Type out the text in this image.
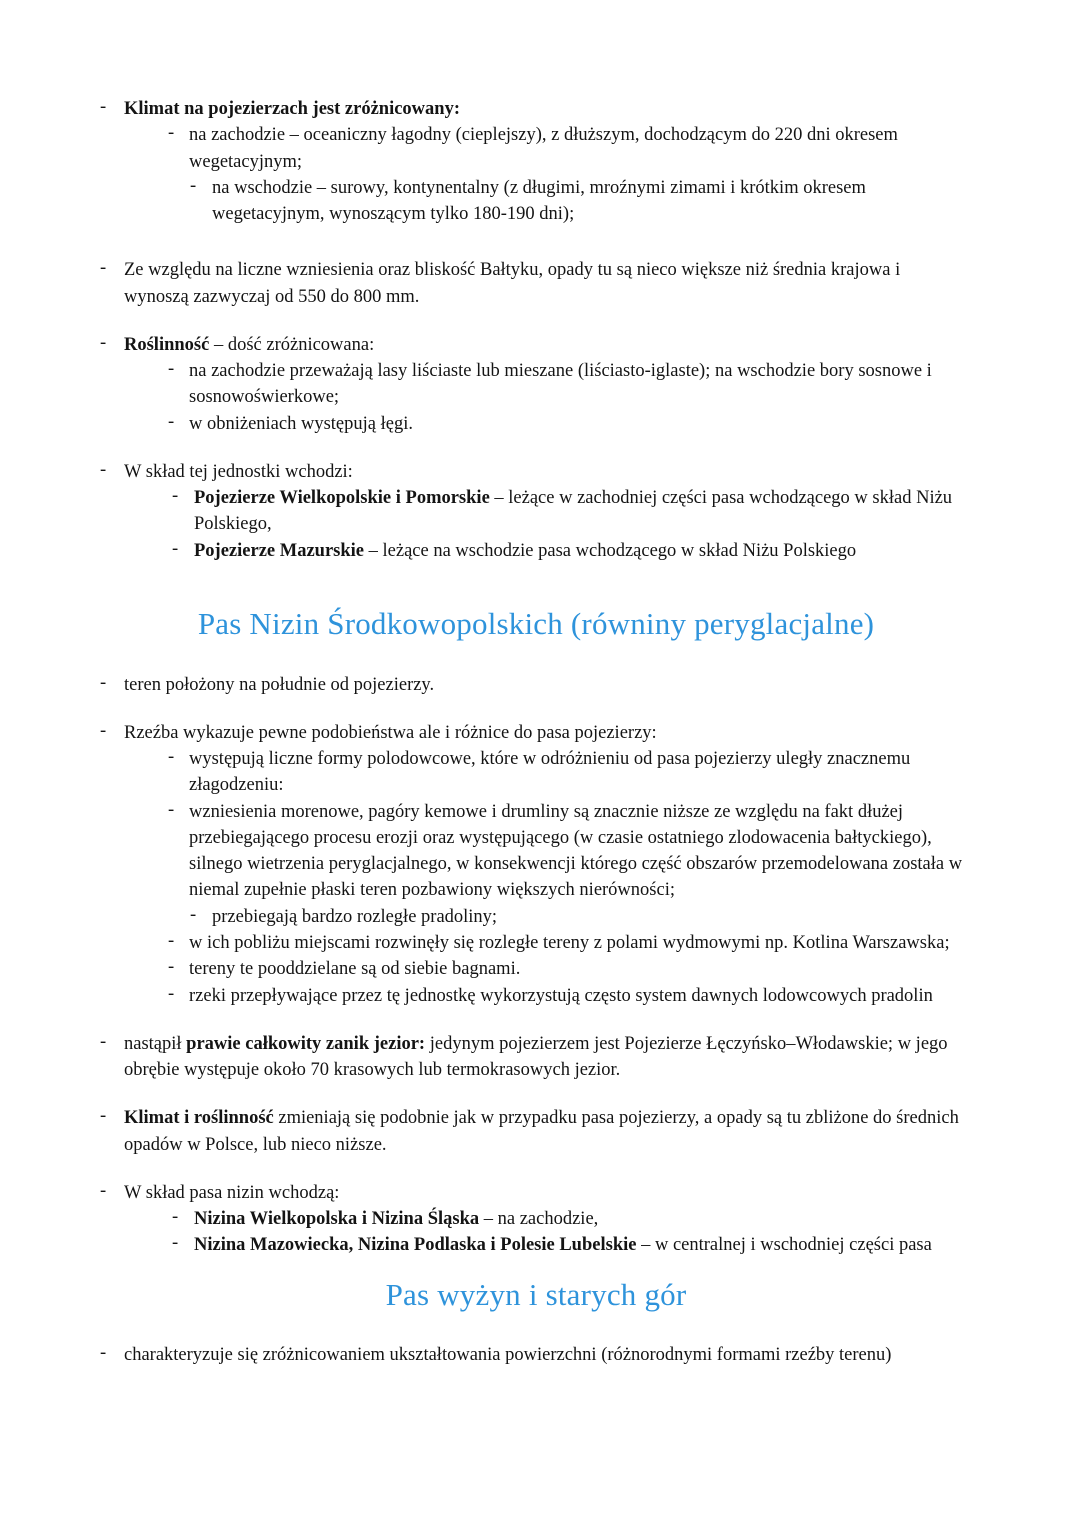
- Klimat na pojezierzach jest zróżnicowany:
- na zachodzie – oceaniczny łagodny (cieplejszy), z dłuższym, dochodzącym do 220 dni okresem wegetacyjnym;
- na wschodzie – surowy, kontynentalny (z długimi, mroźnymi zimami i krótkim okresem wegetacyjnym, wynoszącym tylko 180-190 dni);
- Ze względu na liczne wzniesienia oraz bliskość Bałtyku, opady tu są nieco większe niż średnia krajowa i wynoszą zazwyczaj od 550 do 800 mm.
- Roślinność – dość zróżnicowana:
- na zachodzie przeważają lasy liściaste lub mieszane (liściasto-iglaste); na wschodzie bory sosnowe i sosnowoświerkowe;
- w obniżeniach występują łęgi.
- W skład tej jednostki wchodzi:
- Pojezierze Wielkopolskie i Pomorskie – leżące w zachodniej części pasa wchodzącego w skład Niżu Polskiego,
- Pojezierze Mazurskie – leżące na wschodzie pasa wchodzącego w skład Niżu Polskiego
Pas Nizin Środkowopolskich (równiny peryglacjalne)
- teren położony na południe od pojezierzy.
- Rzeźba wykazuje pewne podobieństwa ale i różnice do pasa pojezierzy:
- występują liczne formy polodowcowe, które w odróżnieniu od pasa pojezierzy uległy znacznemu złagodzeniu:
- wzniesienia morenowe, pagóry kemowe i drumliny są znacznie niższe ze względu na fakt dłużej przebiegającego procesu erozji oraz występującego (w czasie ostatniego zlodowacenia bałtyckiego), silnego wietrzenia peryglacjalnego, w konsekwencji którego część obszarów przemodelowana została w niemal zupełnie płaski teren pozbawiony większych nierówności;
- przebiegają bardzo rozległe pradoliny;
- w ich pobliżu miejscami rozwinęły się rozległe tereny z polami wydmowymi np. Kotlina Warszawska;
- tereny te pooddzielane są od siebie bagnami.
- rzeki przepływające przez tę jednostkę wykorzystują często system dawnych lodowcowych pradolin
- nastąpił prawie całkowity zanik jezior: jedynym pojezierzem jest Pojezierze Łęczyńsko–Włodawskie; w jego obrębie występuje około 70 krasowych lub termokrasowych jezior.
- Klimat i roślinność zmieniają się podobnie jak w przypadku pasa pojezierzy, a opady są tu zbliżone do średnich opadów w Polsce, lub nieco niższe.
- W skład pasa nizin wchodzą:
- Nizina Wielkopolska i Nizina Śląska – na zachodzie,
- Nizina Mazowiecka, Nizina Podlaska i Polesie Lubelskie – w centralnej i wschodniej części pasa
Pas wyżyn i starych gór
- charakteryzuje się zróżnicowaniem ukształtowania powierzchni (różnorodnymi formami rzeźby terenu)
